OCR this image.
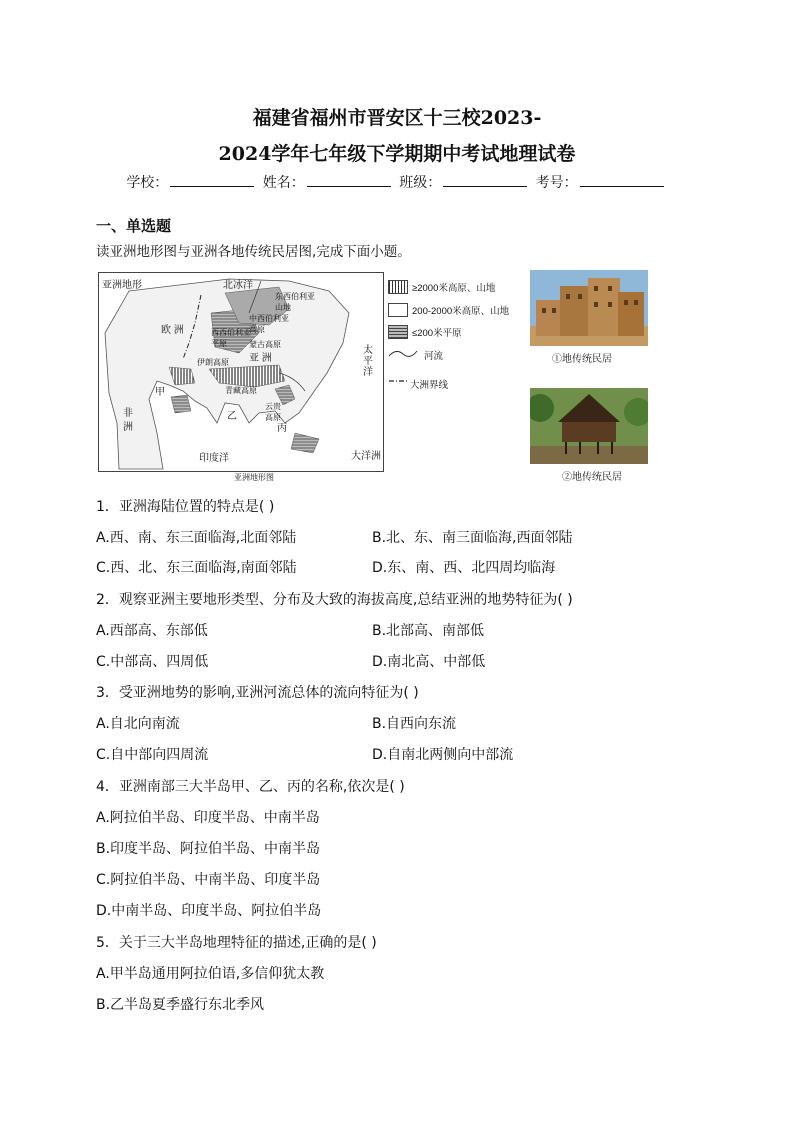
福建省福州市晋安区十三校2023-
2024学年七年级下学期期中考试地理试卷
学校：	姓名：	班级：	考号：
一、单选题
读亚洲地形图与亚洲各地传统民居图,完成下面小题。
亚洲地形	北冰洋
东西伯利亚
山地
中西伯利亚
高原
西西伯利亚
平原
欧 洲
亚 洲
蒙古高原
伊朗高原
青藏高原
云贵
高原
太
平
洋
非
洲
印度洋	大洋洲
甲
乙
丙
亚洲地形图
≥2000米高原、山地
200-2000米高原、山地
≤200米平原
河流
大洲界线
①地传统民居
②地传统民居
1．亚洲海陆位置的特点是( )
A.西、南、东三面临海,北面邻陆	B.北、东、南三面临海,西面邻陆
C.西、北、东三面临海,南面邻陆	D.东、南、西、北四周均临海
2．观察亚洲主要地形类型、分布及大致的海拔高度,总结亚洲的地势特征为( )
A.西部高、东部低	B.北部高、南部低
C.中部高、四周低	D.南北高、中部低
3．受亚洲地势的影响,亚洲河流总体的流向特征为( )
A.自北向南流	B.自西向东流
C.自中部向四周流	D.自南北两侧向中部流
4．亚洲南部三大半岛甲、乙、丙的名称,依次是( )
A.阿拉伯半岛、印度半岛、中南半岛
B.印度半岛、阿拉伯半岛、中南半岛
C.阿拉伯半岛、中南半岛、印度半岛
D.中南半岛、印度半岛、阿拉伯半岛
5．关于三大半岛地理特征的描述,正确的是( )
A.甲半岛通用阿拉伯语,多信仰犹太教
B.乙半岛夏季盛行东北季风
